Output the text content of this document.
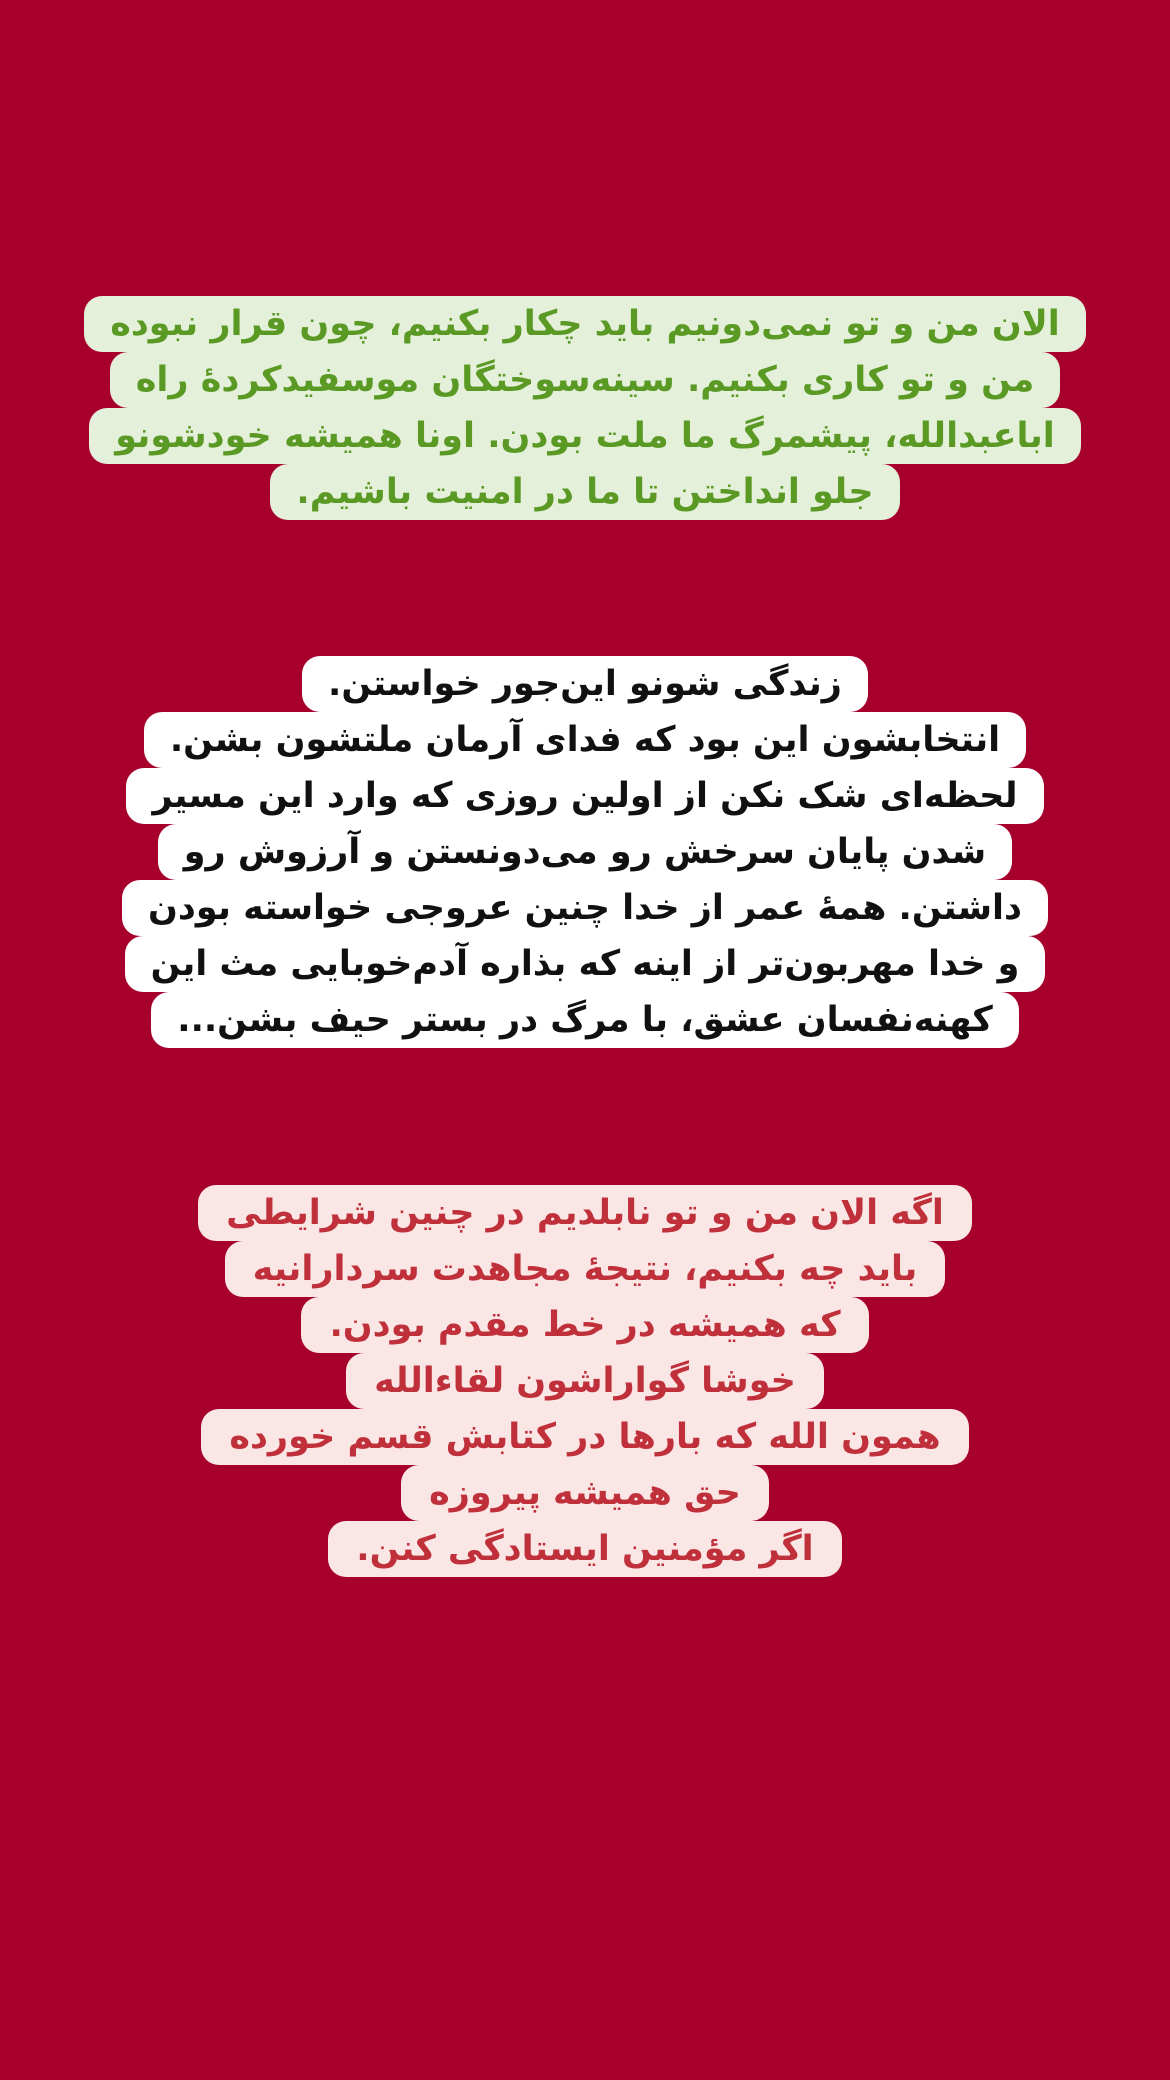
الان من و تو نمی‌دونیم باید چکار بکنیم، چون قرار نبوده
من و تو کاری بکنیم. سینه‌سوختگان موسفیدکردهٔ راه
اباعبدالله، پیشمرگ ما ملت بودن. اونا همیشه خودشونو
جلو انداختن تا ما در امنیت باشیم.
زندگی شونو این‌جور خواستن.
انتخابشون این بود که فدای آرمان ملتشون بشن.
لحظه‌ای شک نکن از اولین روزی که وارد این مسیر
شدن پایان سرخش رو می‌دونستن و آرزوش رو
داشتن. همهٔ عمر از خدا چنین عروجی خواسته بودن
و خدا مهربون‌تر از اینه که بذاره آدم‌خوبایی مث این
کهنه‌نفسان عشق، با مرگ در بستر حیف بشن...
اگه الان من و تو نابلدیم در چنین شرایطی
باید چه بکنیم، نتیجهٔ مجاهدت سردارانیه
که همیشه در خط مقدم بودن.
خوشا گواراشون لقاءالله
همون الله که بارها در کتابش قسم خورده
حق همیشه پیروزه
اگر مؤمنین ایستادگی کنن.
